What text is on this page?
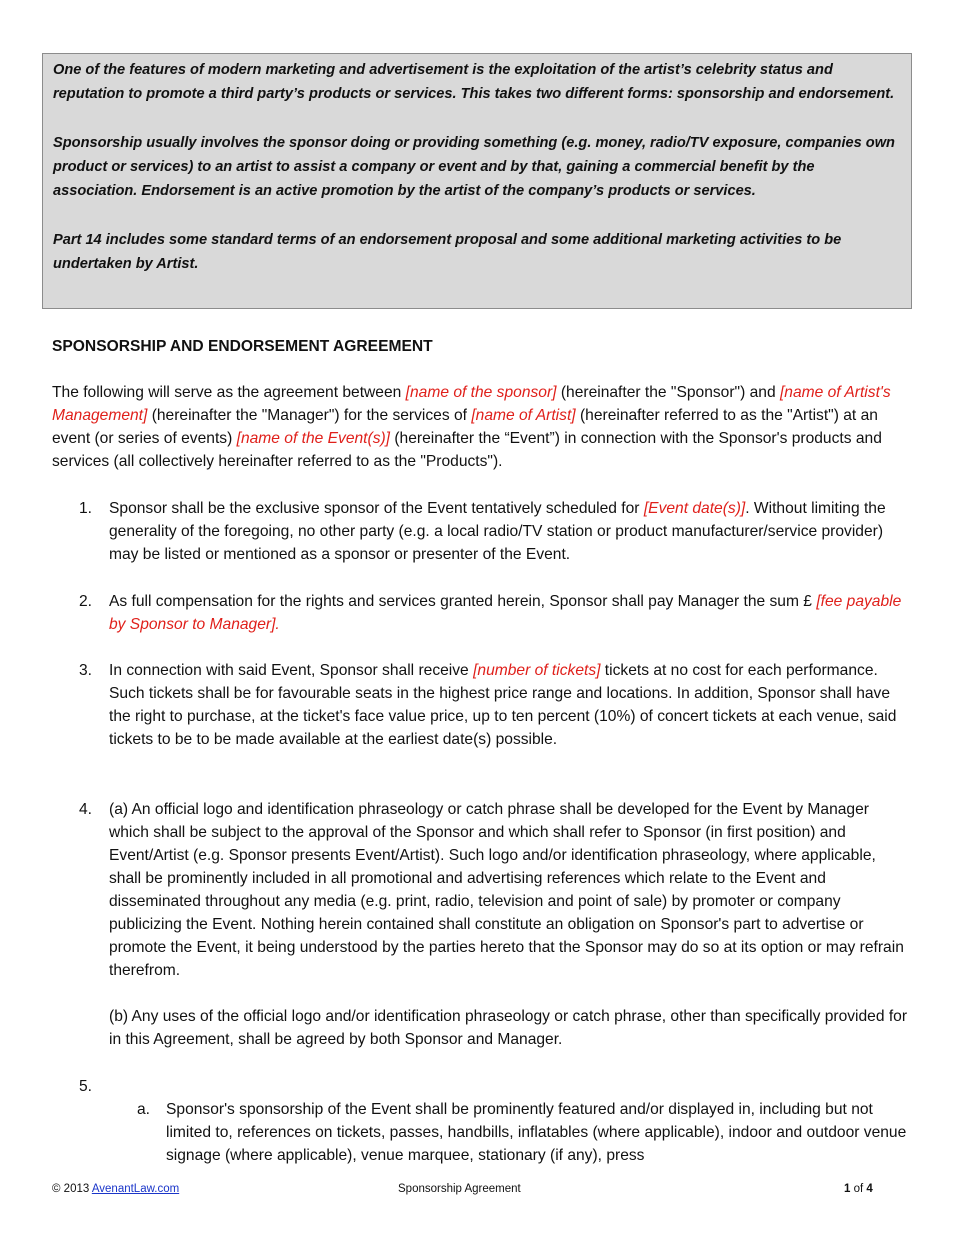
One of the features of modern marketing and advertisement is the exploitation of the artist’s celebrity status and reputation to promote a third party’s products or services. This takes two different forms: sponsorship and endorsement.

Sponsorship usually involves the sponsor doing or providing something (e.g. money, radio/TV exposure, companies own product or services) to an artist to assist a company or event and by that, gaining a commercial benefit by the association. Endorsement is an active promotion by the artist of the company’s products or services.

Part 14 includes some standard terms of an endorsement proposal and some additional marketing activities to be undertaken by Artist.

SPONSORSHIP AND ENDORSEMENT AGREEMENT
The following will serve as the agreement between [name of the sponsor] (hereinafter the "Sponsor") and [name of Artist's Management] (hereinafter the "Manager") for the services of [name of Artist] (hereinafter referred to as the "Artist") at an event (or series of events) [name of the Event(s)] (hereinafter the “Event”) in connection with the Sponsor's products and services (all collectively hereinafter referred to as the "Products").
1. Sponsor shall be the exclusive sponsor of the Event tentatively scheduled for [Event date(s)]. Without limiting the generality of the foregoing, no other party (e.g. a local radio/TV station or product manufacturer/service provider) may be listed or mentioned as a sponsor or presenter of the Event.
2. As full compensation for the rights and services granted herein, Sponsor shall pay Manager the sum £ [fee payable by Sponsor to Manager].
3. In connection with said Event, Sponsor shall receive [number of tickets] tickets at no cost for each performance. Such tickets shall be for favourable seats in the highest price range and locations. In addition, Sponsor shall have the right to purchase, at the ticket's face value price, up to ten percent (10%) of concert tickets at each venue, said tickets to be to be made available at the earliest date(s) possible.
4. (a) An official logo and identification phraseology or catch phrase shall be developed for the Event by Manager which shall be subject to the approval of the Sponsor and which shall refer to Sponsor (in first position) and Event/Artist (e.g. Sponsor presents Event/Artist). Such logo and/or identification phraseology, where applicable, shall be prominently included in all promotional and advertising references which relate to the Event and disseminated throughout any media (e.g. print, radio, television and point of sale) by promoter or company publicizing the Event. Nothing herein contained shall constitute an obligation on Sponsor's part to advertise or promote the Event, it being understood by the parties hereto that the Sponsor may do so at its option or may refrain therefrom.
(b) Any uses of the official logo and/or identification phraseology or catch phrase, other than specifically provided for in this Agreement, shall be agreed by both Sponsor and Manager.
5.
a. Sponsor's sponsorship of the Event shall be prominently featured and/or displayed in, including but not limited to, references on tickets, passes, handbills, inflatables (where applicable), indoor and outdoor venue signage (where applicable), venue marquee, stationary (if any), press
© 2013 AvenantLaw.com	Sponsorship Agreement	1 of 4
